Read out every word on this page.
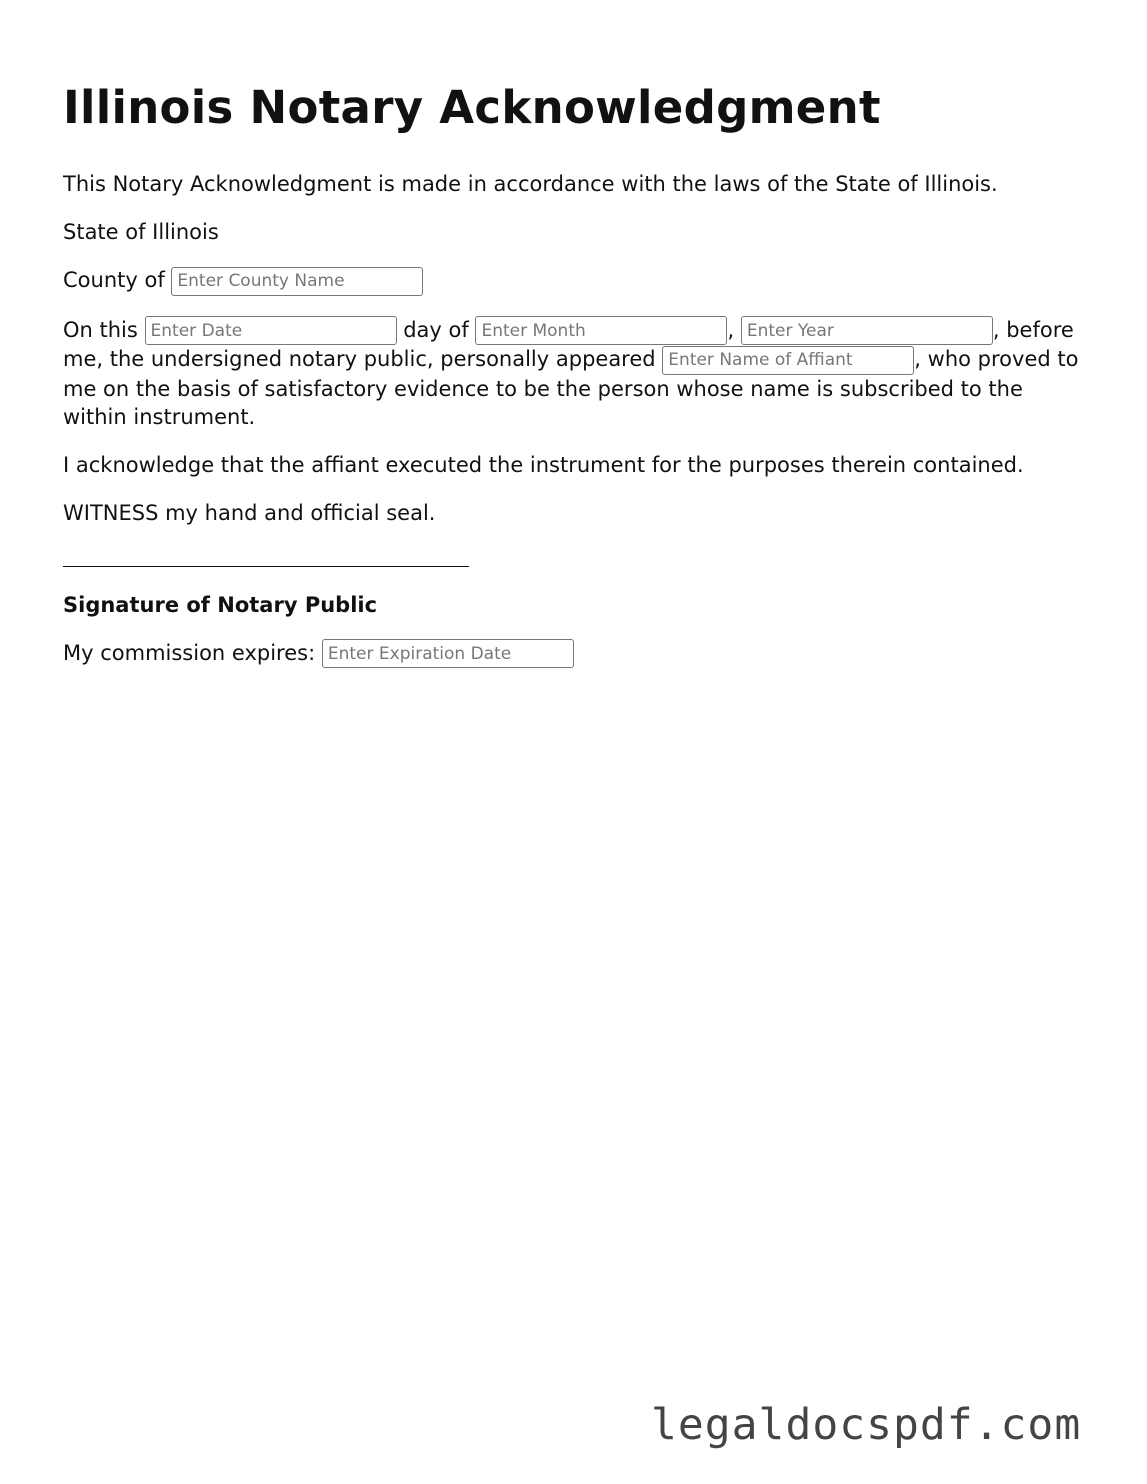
Illinois Notary Acknowledgment

This Notary Acknowledgment is made in accordance with the laws of the State of Illinois.

State of Illinois

County of Enter County Name

On this Enter Date	day of Enter Month	, Enter Year	, before me, the undersigned notary public, personally appeared Enter Name of Affiant	, who proved to me on the basis of satisfactory evidence to be the person whose name is subscribed to the within instrument.

I acknowledge that the affiant executed the instrument for the purposes therein contained.

WITNESS my hand and official seal.

Signature of Notary Public

My commission expires: Enter Expiration Date

legaldocspdf.com
